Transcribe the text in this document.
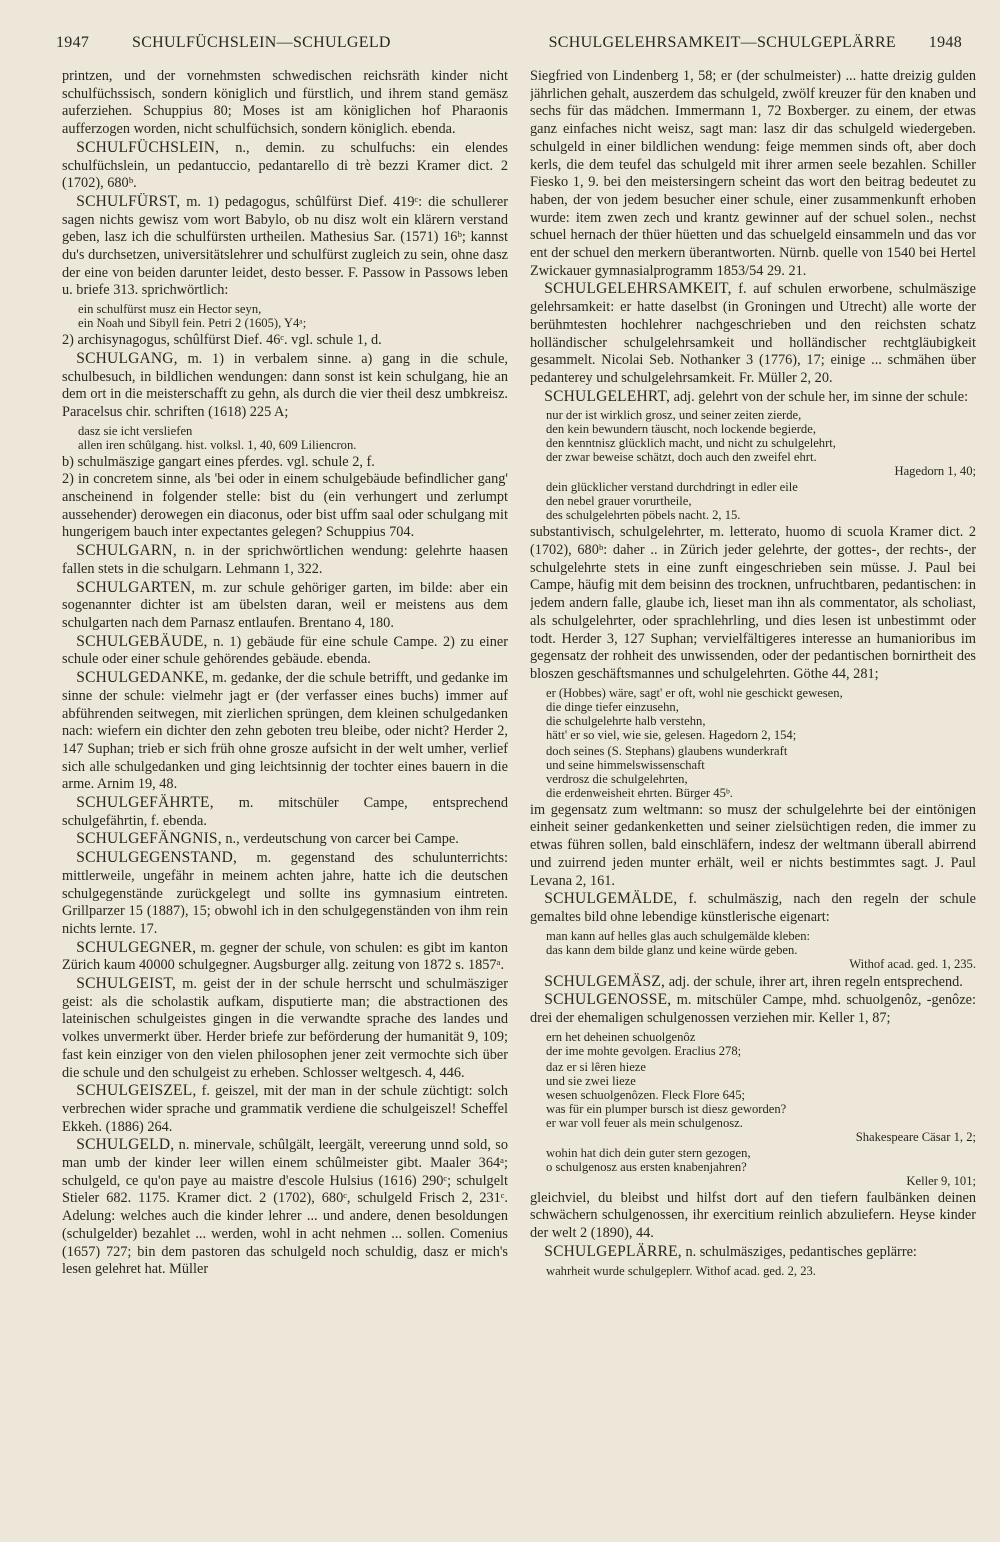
1947	SCHULFÜCHSLEIN—SCHULGELD	SCHULGELEHRSAMKEIT—SCHULGEPLÄRRE 1948

printzen, und der vornehmsten schwedischen reichsräth kinder nicht schulfüchssisch, sondern königlich und fürstlich, und ihrem stand gemäsz auferziehen. Schuppius 80; Moses ist am königlichen hof Pharaonis aufferzogen worden, nicht schulfüchsich, sondern königlich. ebenda.

SCHULFÜCHSLEIN, n., demin. zu schulfuchs: ein elendes schulfüchslein, un pedantuccio, pedantarello di trè bezzi Kramer dict. 2 (1702), 680ᵇ.

SCHULFÜRST, m. 1) pedagogus, schûlfürst Dief. 419ᶜ: die schullerer sagen nichts gewisz vom wort Babylo, ob nu disz wolt ein klärern verstand geben, lasz ich die schulfürsten urtheilen. Mathesius Sar. (1571) 16ᵇ; kannst du's durchsetzen, universitätslehrer und schulfürst zugleich zu sein, ohne dasz der eine von beiden darunter leidet, desto besser. F. Passow in Passows leben u. briefe 313. sprichwörtlich:

ein schulfürst musz ein Hector seyn,
ein Noah und Sibyll fein. Petri 2 (1605), Y4ᵃ;

2) archisynagogus, schûlfürst Dief. 46ᶜ. vgl. schule 1, d.

SCHULGANG, m. 1) in verbalem sinne. a) gang in die schule, schulbesuch, in bildlichen wendungen: dann sonst ist kein schulgang, hie an dem ort in die meisterschafft zu gehn, als durch die vier theil desz umbkreisz. Paracelsus chir. schriften (1618) 225 A;

dasz sie icht versliefen
allen iren schûlgang. hist. volksl. 1, 40, 609 Liliencron.

b) schulmäszige gangart eines pferdes. vgl. schule 2, f.

2) in concretem sinne, als 'bei oder in einem schulgebäude befindlicher gang' anscheinend in folgender stelle: bist du (ein verhungert und zerlumpt aussehender) derowegen ein diaconus, oder bist uffm saal oder schulgang mit hungerigem bauch inter expectantes gelegen? Schuppius 704.

SCHULGARN, n. in der sprichwörtlichen wendung: gelehrte haasen fallen stets in die schulgarn. Lehmann 1, 322.

SCHULGARTEN, m. zur schule gehöriger garten, im bilde: aber ein sogenannter dichter ist am übelsten daran, weil er meistens aus dem schulgarten nach dem Parnasz entlaufen. Brentano 4, 180.

SCHULGEBÄUDE, n. 1) gebäude für eine schule Campe. 2) zu einer schule oder einer schule gehörendes gebäude. ebenda.

SCHULGEDANKE, m. gedanke, der die schule betrifft, und gedanke im sinne der schule: vielmehr jagt er (der verfasser eines buchs) immer auf abführenden seitwegen, mit zierlichen sprüngen, dem kleinen schulgedanken nach: wiefern ein dichter den zehn geboten treu bleibe, oder nicht? Herder 2, 147 Suphan; trieb er sich früh ohne grosze aufsicht in der welt umher, verlief sich alle schulgedanken und ging leichtsinnig der tochter eines bauern in die arme. Arnim 19, 48.

SCHULGEFÄHRTE, m. mitschüler Campe, entsprechend schulgefährtin, f. ebenda.

SCHULGEFÄNGNIS, n., verdeutschung von carcer bei Campe.

SCHULGEGENSTAND, m. gegenstand des schulunterrichts: mittlerweile, ungefähr in meinem achten jahre, hatte ich die deutschen schulgegenstände zurückgelegt und sollte ins gymnasium eintreten. Grillparzer 15 (1887), 15; obwohl ich in den schulgegenständen von ihm rein nichts lernte. 17.

SCHULGEGNER, m. gegner der schule, von schulen: es gibt im kanton Zürich kaum 40000 schulgegner. Augsburger allg. zeitung von 1872 s. 1857ᵃ.

SCHULGEIST, m. geist der in der schule herrscht und schulmäsziger geist: als die scholastik aufkam, disputierte man; die abstractionen des lateinischen schulgeistes gingen in die verwandte sprache des landes und volkes unvermerkt über. Herder briefe zur beförderung der humanität 9, 109; fast kein einziger von den vielen philosophen jener zeit vermochte sich über die schule und den schulgeist zu erheben. Schlosser weltgesch. 4, 446.

SCHULGEISZEL, f. geiszel, mit der man in der schule züchtigt: solch verbrechen wider sprache und grammatik verdiene die schulgeiszel! Scheffel Ekkeh. (1886) 264.

SCHULGELD, n. minervale, schûlgält, leergält, vereerung unnd sold, so man umb der kinder leer willen einem schûlmeister gibt. Maaler 364ᵃ; schulgeld, ce qu'on paye au maistre d'escole Hulsius (1616) 290ᶜ; schulgelt Stieler 682. 1175. Kramer dict. 2 (1702), 680ᶜ, schulgeld Frisch 2, 231ᶜ. Adelung: welches auch die kinder lehrer ... und andere, denen besoldungen (schulgelder) bezahlet ... werden, wohl in acht nehmen ... sollen. Comenius (1657) 727; bin dem pastoren das schulgeld noch schuldig, dasz er mich's lesen gelehret hat. Müller

Siegfried von Lindenberg 1, 58; er (der schulmeister) ... hatte dreizig gulden jährlichen gehalt, auszerdem das schulgeld, zwölf kreuzer für den knaben und sechs für das mädchen. Immermann 1, 72 Boxberger. zu einem, der etwas ganz einfaches nicht weisz, sagt man: lasz dir das schulgeld wiedergeben. schulgeld in einer bildlichen wendung: feige memmen sinds oft, aber doch kerls, die dem teufel das schulgeld mit ihrer armen seele bezahlen. Schiller Fiesko 1, 9. bei den meistersingern scheint das wort den beitrag bedeutet zu haben, der von jedem besucher einer schule, einer zusammenkunft erhoben wurde: item zwen zech und krantz gewinner auf der schuel solen., nechst schuel hernach der thüer hüetten und das schuelgeld einsammeln und das vor ent der schuel den merkern überantworten. Nürnb. quelle von 1540 bei Hertel Zwickauer gymnasialprogramm 1853/54 29. 21.

SCHULGELEHRSAMKEIT, f. auf schulen erworbene, schulmäszige gelehrsamkeit: er hatte daselbst (in Groningen und Utrecht) alle worte der berühmtesten hochlehrer nachgeschrieben und den reichsten schatz holländischer schulgelehrsamkeit und holländischer rechtgläubigkeit gesammelt. Nicolai Seb. Nothanker 3 (1776), 17; einige ... schmähen über pedanterey und schulgelehrsamkeit. Fr. Müller 2, 20.

SCHULGELEHRT, adj. gelehrt von der schule her, im sinne der schule:

nur der ist wirklich grosz, und seiner zeiten zierde,
den kein bewundern täuscht, noch lockende begierde,
den kenntnisz glücklich macht, und nicht zu schulgelehrt,
der zwar beweise schätzt, doch auch den zweifel ehrt.
Hagedorn 1, 40;
dein glücklicher verstand durchdringt in edler eile
den nebel grauer vorurtheile,
des schulgelehrten pöbels nacht. 2, 15.

substantivisch, schulgelehrter, m. letterato, huomo di scuola Kramer dict. 2 (1702), 680ᵇ: daher .. in Zürich jeder gelehrte, der gottes-, der rechts-, der schulgelehrte stets in eine zunft eingeschrieben sein müsse. J. Paul bei Campe, häufig mit dem beisinn des trocknen, unfruchtbaren, pedantischen: in jedem andern falle, glaube ich, lieset man ihn als commentator, als scholiast, als schulgelehrter, oder sprachlehrling, und dies lesen ist unbestimmt oder todt. Herder 3, 127 Suphan; vervielfältigeres interesse an humanioribus im gegensatz der rohheit des unwissenden, oder der pedantischen bornirtheit des bloszen geschäftsmannes und schulgelehrten. Göthe 44, 281;

er (Hobbes) wäre, sagt' er oft, wohl nie geschickt gewesen,
die dinge tiefer einzusehn,
die schulgelehrte halb verstehn,
hätt' er so viel, wie sie, gelesen. Hagedorn 2, 154;
doch seines (S. Stephans) glaubens wunderkraft
und seine himmelswissenschaft
verdrosz die schulgelehrten,
die erdenweisheit ehrten. Bürger 45ᵇ.

im gegensatz zum weltmann: so musz der schulgelehrte bei der eintönigen einheit seiner gedankenketten und seiner zielsüchtigen reden, die immer zu etwas führen sollen, bald einschläfern, indesz der weltmann überall abirrend und zuirrend jeden munter erhält, weil er nichts bestimmtes sagt. J. Paul Levana 2, 161.

SCHULGEMÄLDE, f. schulmäszig, nach den regeln der schule gemaltes bild ohne lebendige künstlerische eigenart:

man kann auf helles glas auch schulgemälde kleben:
das kann dem bilde glanz und keine würde geben.
Withof acad. ged. 1, 235.

SCHULGEMÄSZ, adj. der schule, ihrer art, ihren regeln entsprechend.

SCHULGENOSSE, m. mitschüler Campe, mhd. schuolgenôz, -genôze: drei der ehemaligen schulgenossen verziehen mir. Keller 1, 87;

ern het deheinen schuolgenôz
der ime mohte gevolgen. Eraclius 278;
daz er si lêren hieze
und sie zwei lieze
wesen schuolgenôzen. Fleck Flore 645;
was für ein plumper bursch ist diesz geworden?
er war voll feuer als mein schulgenosz.
Shakespeare Cäsar 1, 2;
wohin hat dich dein guter stern gezogen,
o schulgenosz aus ersten knabenjahren?
Keller 9, 101;

gleichviel, du bleibst und hilfst dort auf den tiefern faulbänken deinen schwächern schulgenossen, ihr exercitium reinlich abzuliefern. Heyse kinder der welt 2 (1890), 44.

SCHULGEPLÄRRE, n. schulmäsziges, pedantisches geplärre:

wahrheit wurde schulgeplerr. Withof acad. ged. 2, 23.
